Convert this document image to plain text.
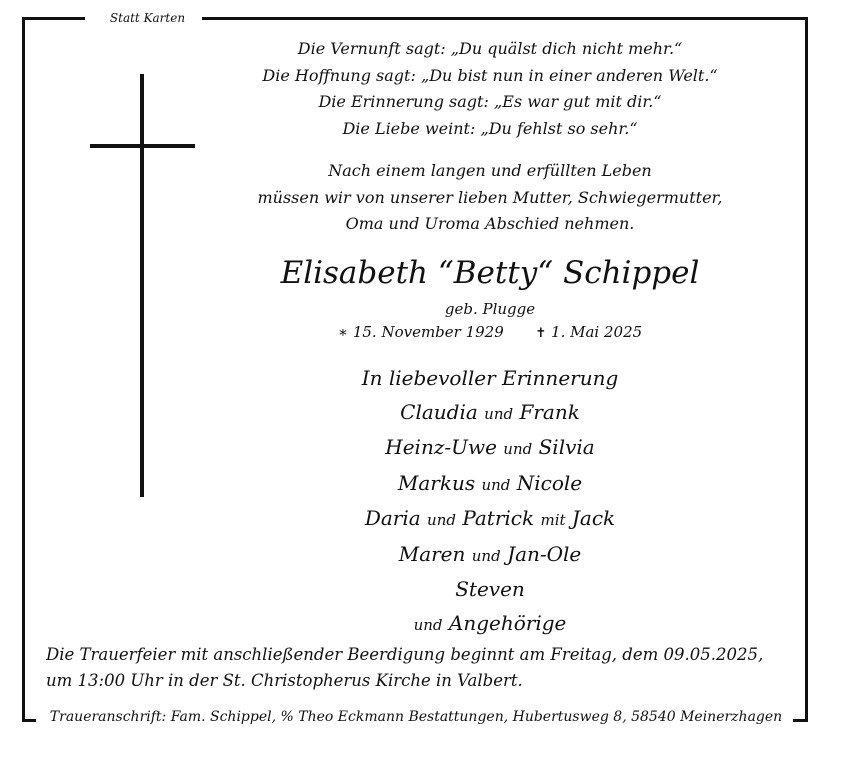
Statt Karten
Die Vernunft sagt: „Du quälst dich nicht mehr.“
Die Hoffnung sagt: „Du bist nun in einer anderen Welt.“
Die Erinnerung sagt: „Es war gut mit dir.“
Die Liebe weint: „Du fehlst so sehr.“
Nach einem langen und erfüllten Leben
müssen wir von unserer lieben Mutter, Schwiegermutter,
Oma und Uroma Abschied nehmen.
Elisabeth “Betty“ Schippel
geb. Plugge
∗ 15. November 1929 ✝ 1. Mai 2025
In liebevoller Erinnerung
Claudia und Frank
Heinz-Uwe und Silvia
Markus und Nicole
Daria und Patrick mit Jack
Maren und Jan-Ole
Steven
und Angehörige
Die Trauerfeier mit anschließender Beerdigung beginnt am Freitag, dem 09.05.2025,
um 13:00 Uhr in der St. Christopherus Kirche in Valbert.
Traueranschrift: Fam. Schippel, % Theo Eckmann Bestattungen, Hubertusweg 8, 58540 Meinerzhagen
